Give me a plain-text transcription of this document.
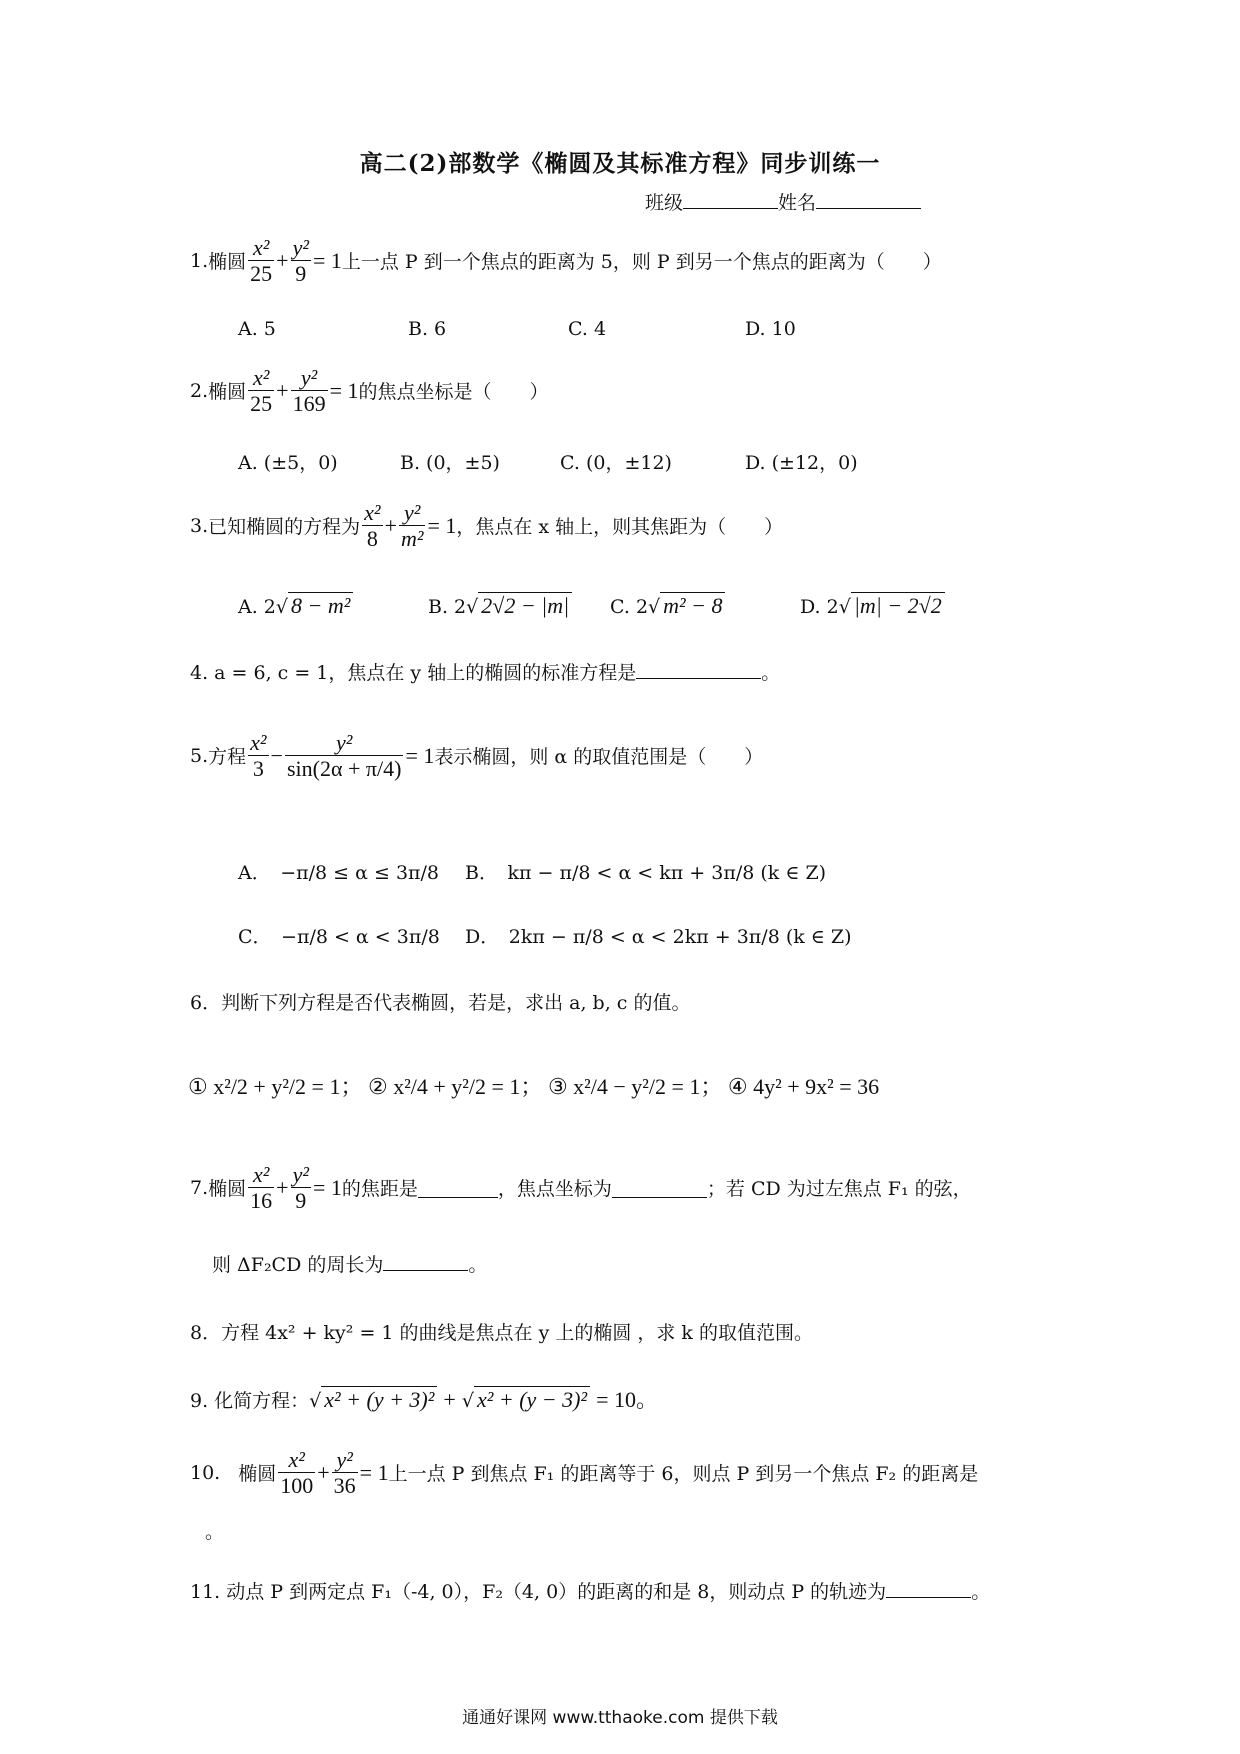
高二(2)部数学《椭圆及其标准方程》同步训练一
班级	姓名
1. 椭圆 $\frac{\text{x²}}{25} + \frac{\text{y²}}{9} = 1$ 上一点 P 到一个焦点的距离为 5，则 P 到另一个焦点的距离为（　　）
A. 5	B. 6	C. 4	D. 10
2. 椭圆 $\frac{\text{x²}}{25} + \frac{\text{y²}}{169} = 1$ 的焦点坐标是（　　）
A. (±5，0)	B. (0，±5)	C. (0，±12)	D. (±12，0)
3. 已知椭圆的方程为 $\frac{\text{x²}}{8} + \frac{\text{y²}}{\text{m²}} = 1$ ，焦点在 x 轴上，则其焦距为（　　）
A. 2√ 8 − m²	B. 2√ 2√2 − |m| C. 2√ m² − 8	D. 2√ |m| − 2√2
4. a = 6, c = 1，焦点在 y 轴上的椭圆的标准方程是	。
5. 方程 $\frac{\text{x²}}{3} - \frac{\text{y²}}{\sin(2\alpha + \pi/4)} = 1$ 表示椭圆，则 α 的取值范围是（　　）
A．　−π/8 ≤ α ≤ 3π/8 B．　kπ − π/8 < α < kπ + 3π/8 (k ∈ Z)
C．　−π/8 < α < 3π/8 D．　2kπ − π/8 < α < 2kπ + 3π/8 (k ∈ Z)
6．判断下列方程是否代表椭圆，若是，求出 a, b, c 的值。
① x²/2 + y²/2 = 1； ② x²/4 + y²/2 = 1； ③ x²/4 − y²/2 = 1； ④ 4y² + 9x² = 36
7. 椭圆 $\frac{\text{x²}}{16} + \frac{\text{y²}}{9} = 1$ 的焦距是	，焦点坐标为	；若 CD 为过左焦点 F₁ 的弦，
则 ΔF₂CD 的周长为	。
8．方程 4x² + ky² = 1 的曲线是焦点在 y 上的椭圆 ，求 k 的取值范围。
9. 化简方程：√ x² + (y + 3)² + √ x² + (y − 3)² = 10。
10. 椭圆 $\frac{\text{x²}}{100} + \frac{\text{y²}}{36} = 1$ 上一点 P 到焦点 F₁ 的距离等于 6，则点 P 到另一个焦点 F₂ 的距离是
。
11. 动点 P 到两定点 F₁（-4, 0），F₂（4, 0）的距离的和是 8，则动点 P 的轨迹为	。
通通好课网 www.tthaoke.com 提供下载
